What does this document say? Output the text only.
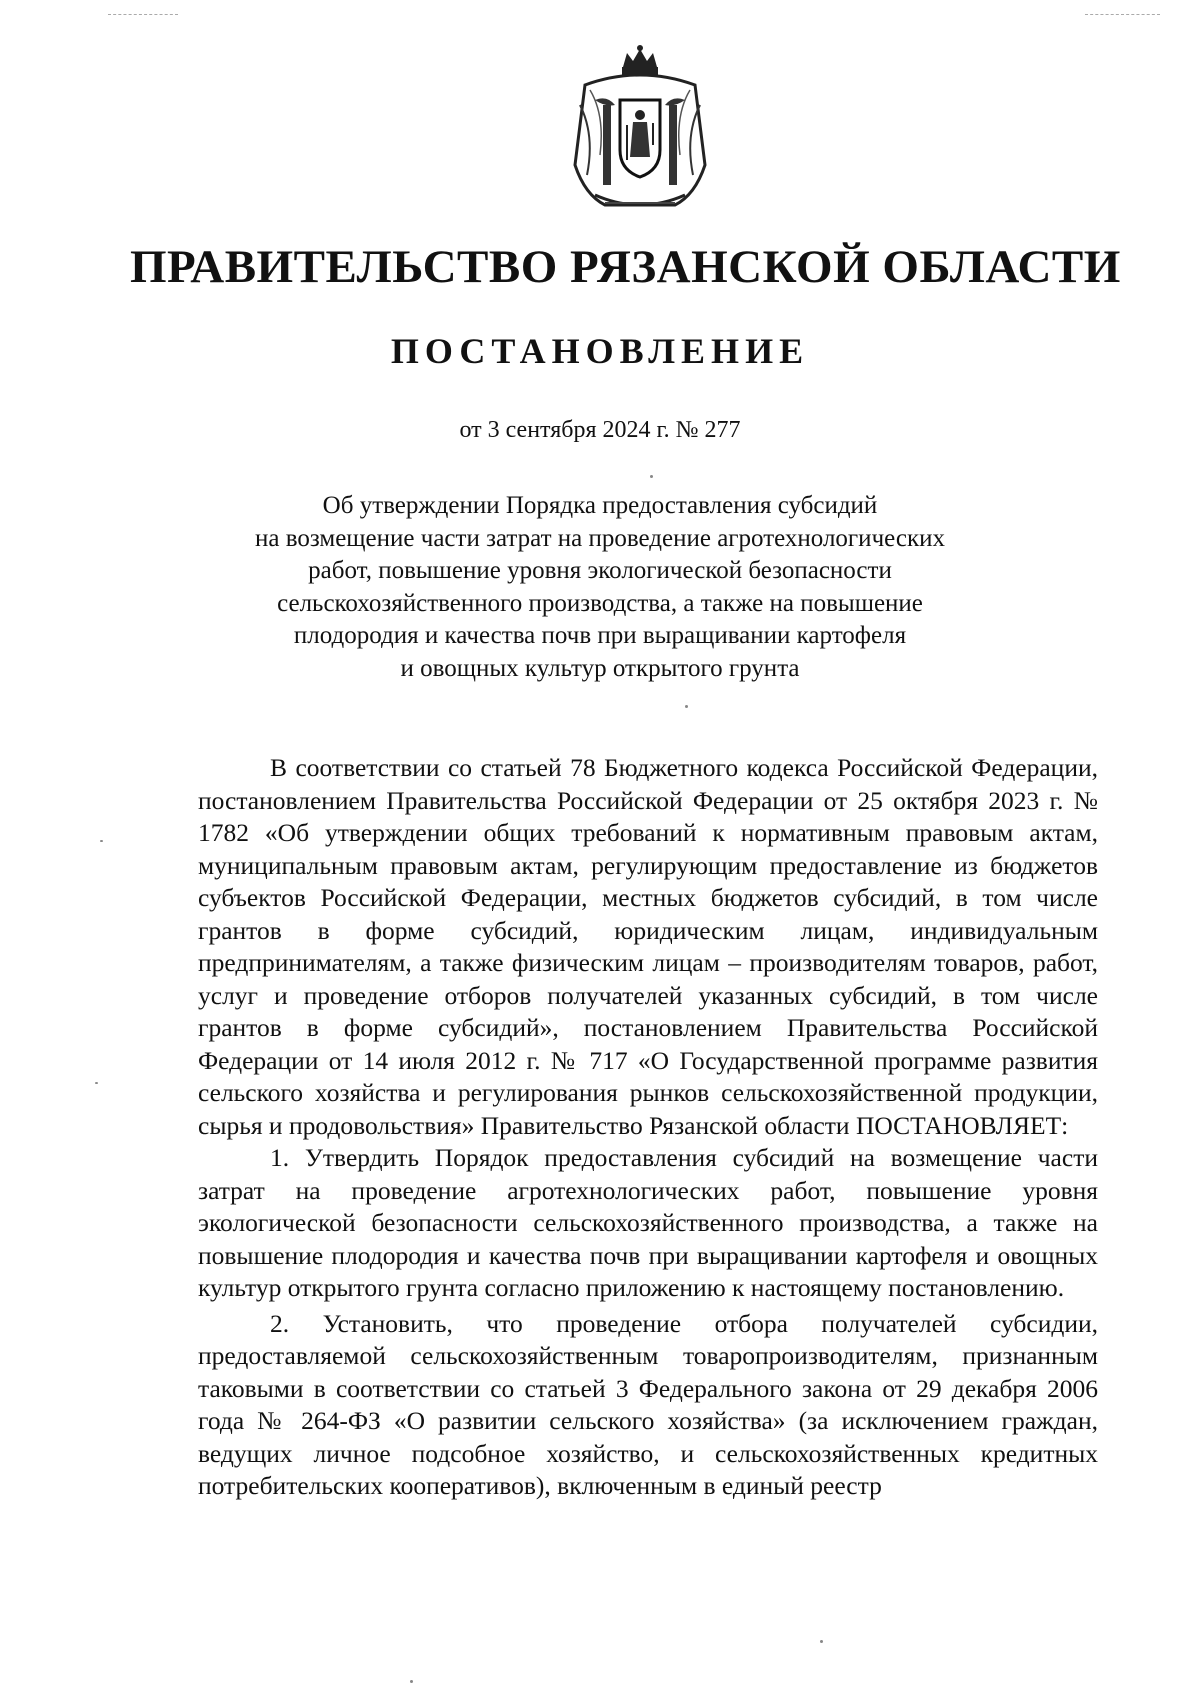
ПРАВИТЕЛЬСТВО РЯЗАНСКОЙ ОБЛАСТИ
ПОСТАНОВЛЕНИЕ
от 3 сентября 2024 г. № 277
Об утверждении Порядка предоставления субсидий
на возмещение части затрат на проведение агротехнологических
работ, повышение уровня экологической безопасности
сельскохозяйственного производства, а также на повышение
плодородия и качества почв при выращивании картофеля
и овощных культур открытого грунта

В соответствии со статьей 78 Бюджетного кодекса Российской Федерации, постановлением Правительства Российской Федерации от 25 октября 2023 г. № 1782 «Об утверждении общих требований к нормативным правовым актам, муниципальным правовым актам, регулирующим предоставление из бюджетов субъектов Российской Федерации, местных бюджетов субсидий, в том числе грантов в форме субсидий, юридическим лицам, индивидуальным предпринимателям, а также физическим лицам – производителям товаров, работ, услуг и проведение отборов получателей указанных субсидий, в том числе грантов в форме субсидий», постановлением Правительства Российской Федерации от 14 июля 2012 г. № 717 «О Государственной программе развития сельского хозяйства и регулирования рынков сельскохозяйственной продукции, сырья и продовольствия» Правительство Рязанской области ПОСТАНОВЛЯЕТ:

1. Утвердить Порядок предоставления субсидий на возмещение части затрат на проведение агротехнологических работ, повышение уровня экологической безопасности сельскохозяйственного производства, а также на повышение плодородия и качества почв при выращивании картофеля и овощных культур открытого грунта согласно приложению к настоящему постановлению.

2. Установить, что проведение отбора получателей субсидии, предоставляемой сельскохозяйственным товаропроизводителям, признанным таковыми в соответствии со статьей 3 Федерального закона от 29 декабря 2006 года № 264-ФЗ «О развитии сельского хозяйства» (за исключением граждан, ведущих личное подсобное хозяйство, и сельскохозяйственных кредитных потребительских кооперативов), включенным в единый реестр
